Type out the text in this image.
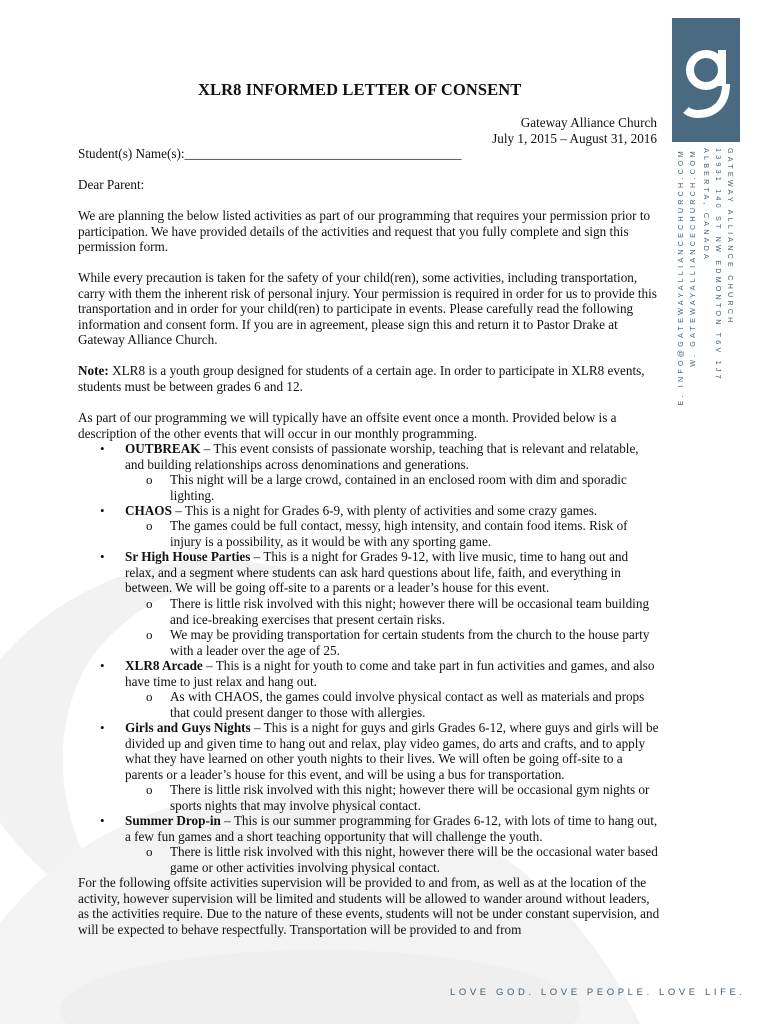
XLR8 INFORMED LETTER OF CONSENT
Gateway Alliance Church
July 1, 2015 – August 31, 2016
Student(s) Name(s):__________________________________________
Dear Parent:
We are planning the below listed activities as part of our programming that requires your permission prior to participation. We have provided details of the activities and request that you fully complete and sign this permission form.
While every precaution is taken for the safety of your child(ren), some activities, including transportation, carry with them the inherent risk of personal injury. Your permission is required in order for us to provide this transportation and in order for your child(ren) to participate in events. Please carefully read the following information and consent form. If you are in agreement, please sign this and return it to Pastor Drake at Gateway Alliance Church.
Note: XLR8 is a youth group designed for students of a certain age. In order to participate in XLR8 events, students must be between grades 6 and 12.
As part of our programming we will typically have an offsite event once a month. Provided below is a description of the other events that will occur in our monthly programming.
• OUTBREAK – This event consists of passionate worship, teaching that is relevant and relatable, and building relationships across denominations and generations.
o This night will be a large crowd, contained in an enclosed room with dim and sporadic lighting.
• CHAOS – This is a night for Grades 6-9, with plenty of activities and some crazy games.
o The games could be full contact, messy, high intensity, and contain food items. Risk of injury is a possibility, as it would be with any sporting game.
• Sr High House Parties – This is a night for Grades 9-12, with live music, time to hang out and relax, and a segment where students can ask hard questions about life, faith, and everything in between. We will be going off-site to a parents or a leader’s house for this event.
o There is little risk involved with this night; however there will be occasional team building and ice-breaking exercises that present certain risks.
o We may be providing transportation for certain students from the church to the house party with a leader over the age of 25.
• XLR8 Arcade – This is a night for youth to come and take part in fun activities and games, and also have time to just relax and hang out.
o As with CHAOS, the games could involve physical contact as well as materials and props that could present danger to those with allergies.
• Girls and Guys Nights – This is a night for guys and girls Grades 6-12, where guys and girls will be divided up and given time to hang out and relax, play video games, do arts and crafts, and to apply what they have learned on other youth nights to their lives. We will often be going off-site to a parents or a leader’s house for this event, and will be using a bus for transportation.
o There is little risk involved with this night; however there will be occasional gym nights or sports nights that may involve physical contact.
• Summer Drop-in – This is our summer programming for Grades 6-12, with lots of time to hang out, a few fun games and a short teaching opportunity that will challenge the youth.
o There is little risk involved with this night, however there will be the occasional water based game or other activities involving physical contact.
For the following offsite activities supervision will be provided to and from, as well as at the location of the activity, however supervision will be limited and students will be allowed to wander around without leaders, as the activities require. Due to the nature of these events, students will not be under constant supervision, and will be expected to behave respectfully. Transportation will be provided to and from
GATEWAY ALLIANCE CHURCH
13931 140 ST NW EDMONTON T6V 1J7
ALBERTA, CANADA
W. GATEWAYALLIANCECHURCH.COM
E. INFO@GATEWAYALLIANCECHURCH.COM
LOVE GOD. LOVE PEOPLE. LOVE LIFE.
